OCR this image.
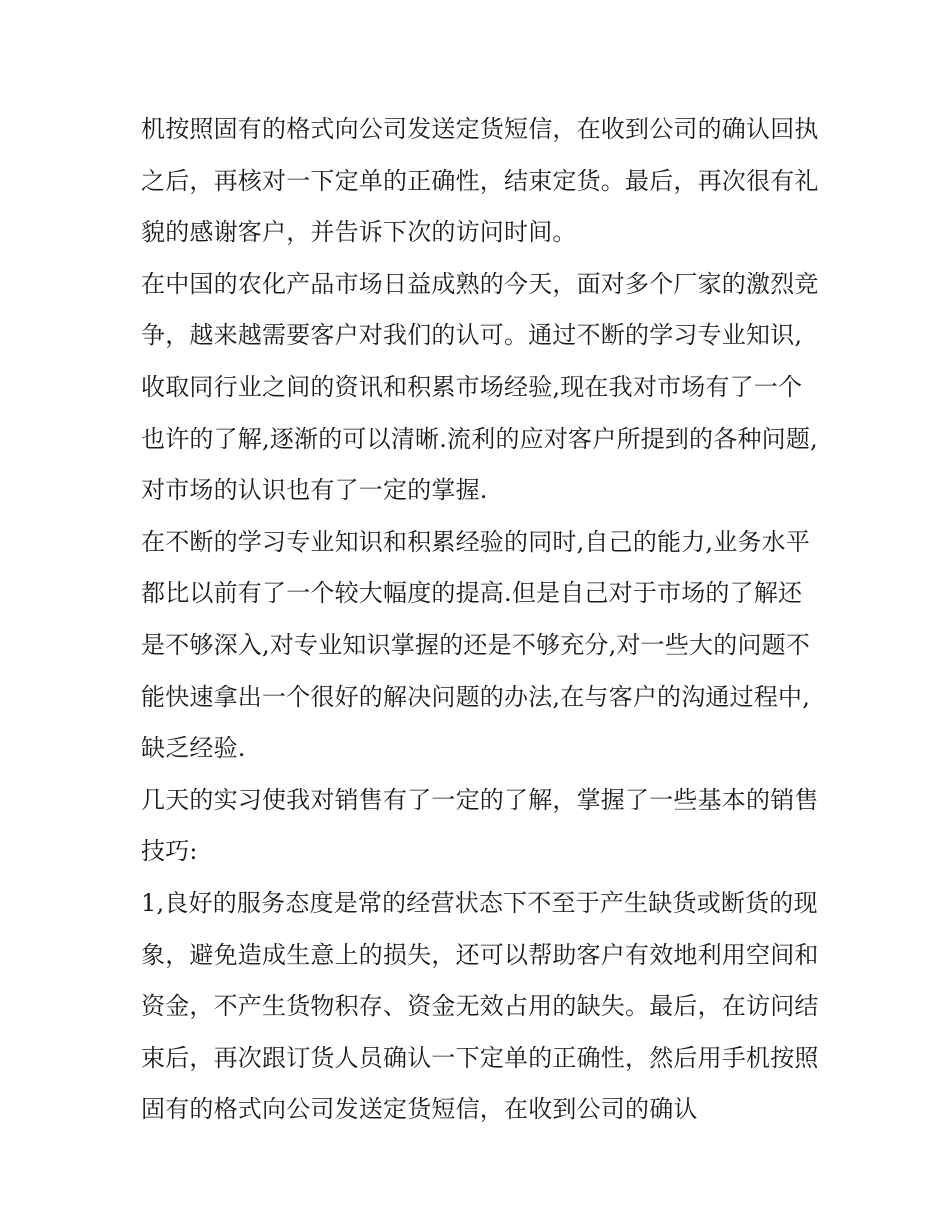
机按照固有的格式向公司发送定货短信，在收到公司的确认回执之后，再核对一下定单的正确性，结束定货。最后，再次很有礼貌的感谢客户，并告诉下次的访问时间。

在中国的农化产品市场日益成熟的今天，面对多个厂家的激烈竞争，越来越需要客户对我们的认可。通过不断的学习专业知识,收取同行业之间的资讯和积累市场经验,现在我对市场有了一个也许的了解,逐渐的可以清晰.流利的应对客户所提到的各种问题,对市场的认识也有了一定的掌握.

在不断的学习专业知识和积累经验的同时,自己的能力,业务水平都比以前有了一个较大幅度的提高.但是自己对于市场的了解还是不够深入,对专业知识掌握的还是不够充分,对一些大的问题不能快速拿出一个很好的解决问题的办法,在与客户的沟通过程中,缺乏经验.

几天的实习使我对销售有了一定的了解，掌握了一些基本的销售技巧:

1,良好的服务态度是常的经营状态下不至于产生缺货或断货的现象，避免造成生意上的损失，还可以帮助客户有效地利用空间和资金，不产生货物积存、资金无效占用的缺失。最后，在访问结束后，再次跟订货人员确认一下定单的正确性，然后用手机按照固有的格式向公司发送定货短信，在收到公司的确认
